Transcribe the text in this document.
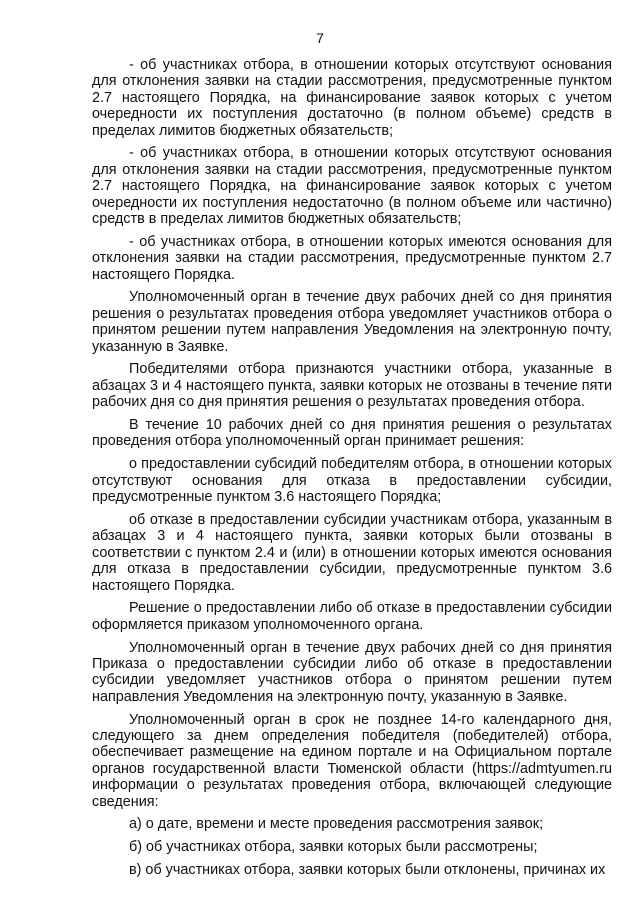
7

- об участниках отбора, в отношении которых отсутствуют основания для отклонения заявки на стадии рассмотрения, предусмотренные пунктом 2.7 настоящего Порядка, на финансирование заявок которых с учетом очередности их поступления достаточно (в полном объеме) средств в пределах лимитов бюджетных обязательств;

- об участниках отбора, в отношении которых отсутствуют основания для отклонения заявки на стадии рассмотрения, предусмотренные пунктом 2.7 настоящего Порядка, на финансирование заявок которых с учетом очередности их поступления недостаточно (в полном объеме или частично) средств в пределах лимитов бюджетных обязательств;

- об участниках отбора, в отношении которых имеются основания для отклонения заявки на стадии рассмотрения, предусмотренные пунктом 2.7 настоящего Порядка.

Уполномоченный орган в течение двух рабочих дней со дня принятия решения о результатах проведения отбора уведомляет участников отбора о принятом решении путем направления Уведомления на электронную почту, указанную в Заявке.

Победителями отбора признаются участники отбора, указанные в абзацах 3 и 4 настоящего пункта, заявки которых не отозваны в течение пяти рабочих дня со дня принятия решения о результатах проведения отбора.

В течение 10 рабочих дней со дня принятия решения о результатах проведения отбора уполномоченный орган принимает решения:

о предоставлении субсидий победителям отбора, в отношении которых отсутствуют основания для отказа в предоставлении субсидии, предусмотренные пунктом 3.6 настоящего Порядка;

об отказе в предоставлении субсидии участникам отбора, указанным в абзацах 3 и 4 настоящего пункта, заявки которых были отозваны в соответствии с пунктом 2.4 и (или) в отношении которых имеются основания для отказа в предоставлении субсидии, предусмотренные пунктом 3.6 настоящего Порядка.

Решение о предоставлении либо об отказе в предоставлении субсидии оформляется приказом уполномоченного органа.

Уполномоченный орган в течение двух рабочих дней со дня принятия Приказа о предоставлении субсидии либо об отказе в предоставлении субсидии уведомляет участников отбора о принятом решении путем направления Уведомления на электронную почту, указанную в Заявке.

Уполномоченный орган в срок не позднее 14-го календарного дня, следующего за днем определения победителя (победителей) отбора, обеспечивает размещение на едином портале и на Официальном портале органов государственной власти Тюменской области (https://admtyumen.ru информации о результатах проведения отбора, включающей следующие сведения:

а) о дате, времени и месте проведения рассмотрения заявок;

б) об участниках отбора, заявки которых были рассмотрены;

в) об участниках отбора, заявки которых были отклонены, причинах их
